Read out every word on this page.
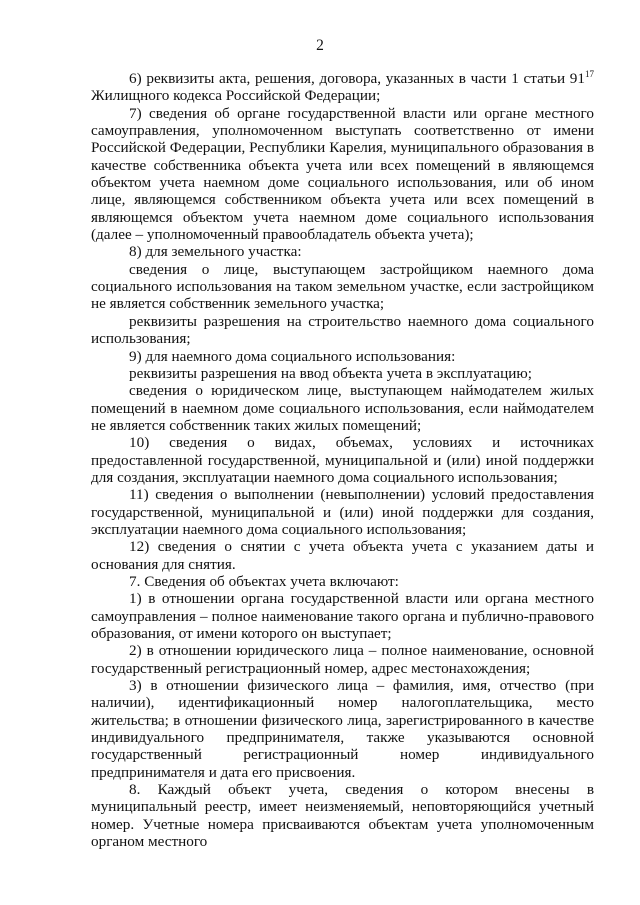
2

6) реквизиты акта, решения, договора, указанных в части 1 статьи $91^{17}$ Жилищного кодекса Российской Федерации;

7) сведения об органе государственной власти или органе местного самоуправления, уполномоченном выступать соответственно от имени Российской Федерации, Республики Карелия, муниципального образования в качестве собственника объекта учета или всех помещений в являющемся объектом учета наемном доме социального использования, или об ином лице, являющемся собственником объекта учета или всех помещений в являющемся объектом учета наемном доме социального использования (далее – уполномоченный правообладатель объекта учета);

8) для земельного участка:

сведения о лице, выступающем застройщиком наемного дома социального использования на таком земельном участке, если застройщиком не является собственник земельного участка;

реквизиты разрешения на строительство наемного дома социального использования;

9) для наемного дома социального использования:

реквизиты разрешения на ввод объекта учета в эксплуатацию;

сведения о юридическом лице, выступающем наймодателем жилых помещений в наемном доме социального использования, если наймодателем не является собственник таких жилых помещений;

10) сведения о видах, объемах, условиях и источниках предоставленной государственной, муниципальной и (или) иной поддержки для создания, эксплуатации наемного дома социального использования;

11) сведения о выполнении (невыполнении) условий предоставления государственной, муниципальной и (или) иной поддержки для создания, эксплуатации наемного дома социального использования;

12) сведения о снятии с учета объекта учета с указанием даты и основания для снятия.

7. Сведения об объектах учета включают:

1) в отношении органа государственной власти или органа местного самоуправления – полное наименование такого органа и публично-правового образования, от имени которого он выступает;

2) в отношении юридического лица – полное наименование, основной государственный регистрационный номер, адрес местонахождения;

3) в отношении физического лица – фамилия, имя, отчество (при наличии), идентификационный номер налогоплательщика, место жительства; в отношении физического лица, зарегистрированного в качестве индивидуального предпринимателя, также указываются основной государственный регистрационный номер индивидуального предпринимателя и дата его присвоения.

8. Каждый объект учета, сведения о котором внесены в муниципальный реестр, имеет неизменяемый, неповторяющийся учетный номер. Учетные номера присваиваются объектам учета уполномоченным органом местного
